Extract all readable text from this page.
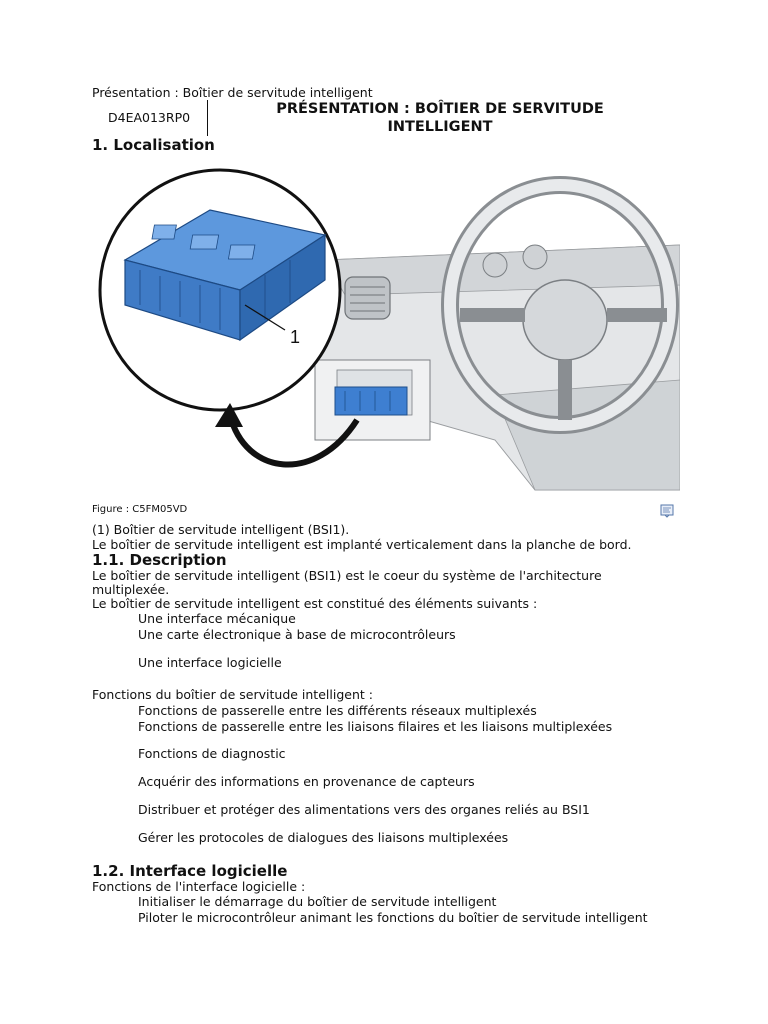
Présentation : Boîtier de servitude intelligent
D4EA013RP0
PRÉSENTATION : BOÎTIER DE SERVITUDE
INTELLIGENT
1. Localisation
1
Figure : C5FM05VD
(1) Boîtier de servitude intelligent (BSI1).
Le boîtier de servitude intelligent est implanté verticalement dans la planche de bord.
1.1. Description
Le boîtier de servitude intelligent (BSI1) est le coeur du système de l'architecture
multiplexée.
Le boîtier de servitude intelligent est constitué des éléments suivants :
Une interface mécanique
Une carte électronique à base de microcontrôleurs
Une interface logicielle
Fonctions du boîtier de servitude intelligent :
Fonctions de passerelle entre les différents réseaux multiplexés
Fonctions de passerelle entre les liaisons filaires et les liaisons multiplexées
Fonctions de diagnostic
Acquérir des informations en provenance de capteurs
Distribuer et protéger des alimentations vers des organes reliés au BSI1
Gérer les protocoles de dialogues des liaisons multiplexées
1.2. Interface logicielle
Fonctions de l'interface logicielle :
Initialiser le démarrage du boîtier de servitude intelligent
Piloter le microcontrôleur animant les fonctions du boîtier de servitude intelligent
